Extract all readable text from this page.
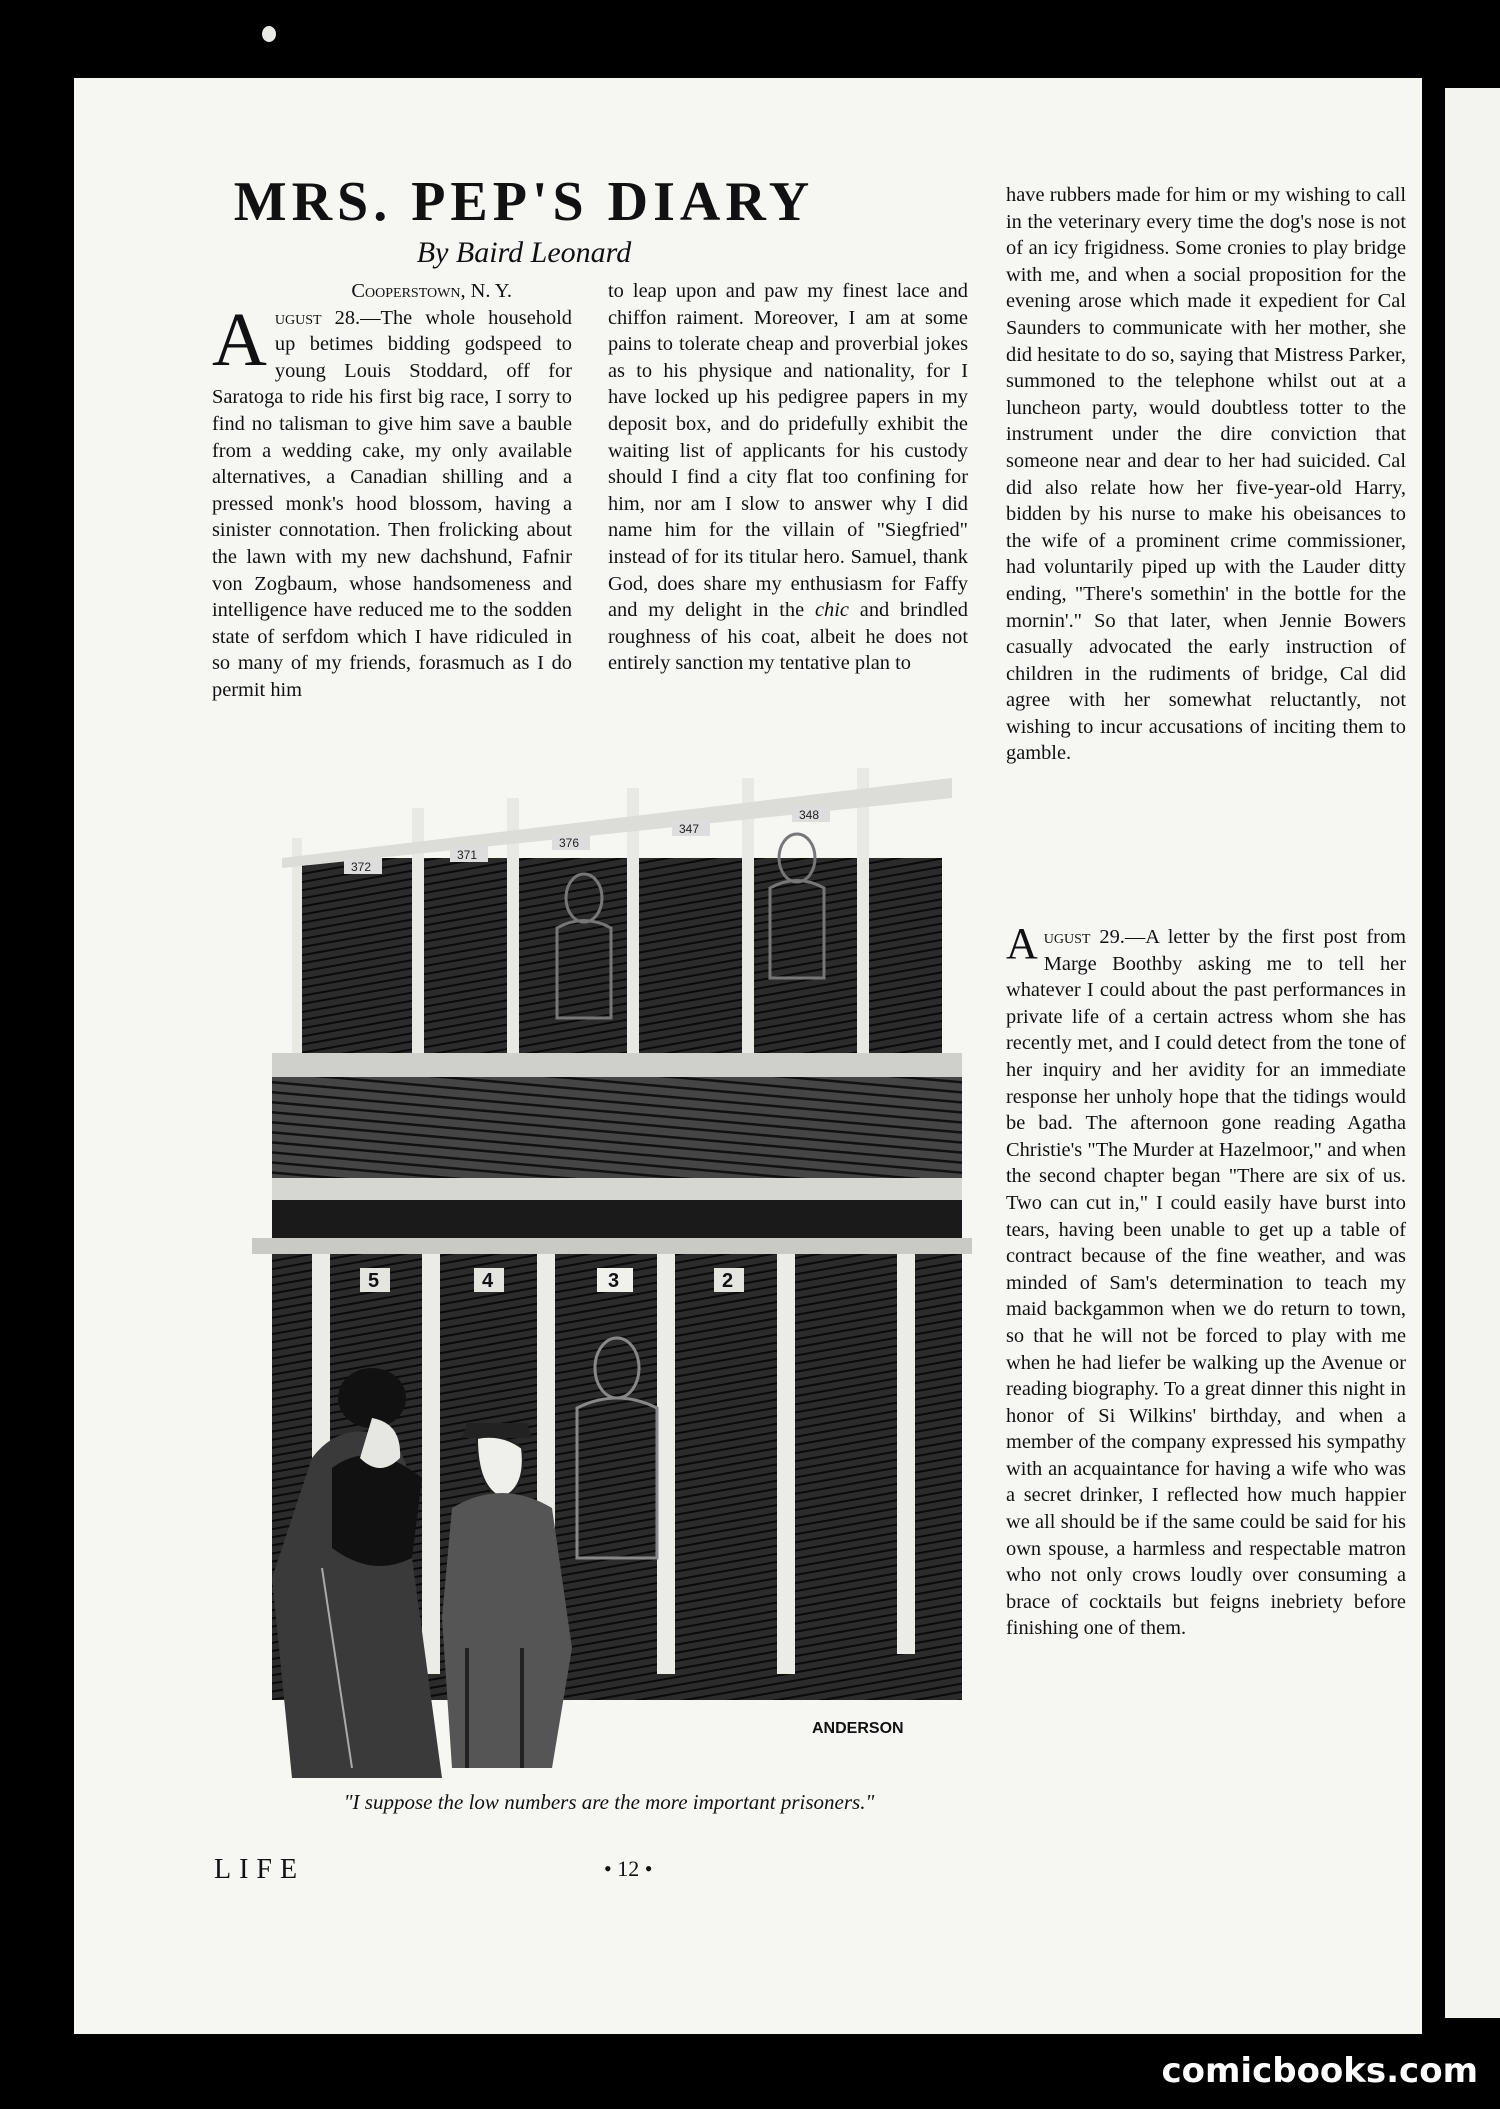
MRS. PEP'S DIARY
By Baird Leonard

Cooperstown, N. Y.

August 28.—The whole household up betimes bidding godspeed to young Louis Stoddard, off for Saratoga to ride his first big race, I sorry to find no talisman to give him save a bauble from a wedding cake, my only available alternatives, a Canadian shilling and a pressed monk's hood blossom, having a sinister connotation. Then frolicking about the lawn with my new dachshund, Fafnir von Zogbaum, whose handsomeness and intelligence have reduced me to the sodden state of serfdom which I have ridiculed in so many of my friends, forasmuch as I do permit him

to leap upon and paw my finest lace and chiffon raiment. Moreover, I am at some pains to tolerate cheap and proverbial jokes as to his physique and nationality, for I have locked up his pedigree papers in my deposit box, and do pridefully exhibit the waiting list of applicants for his custody should I find a city flat too confining for him, nor am I slow to answer why I did name him for the villain of "Siegfried" instead of for its titular hero. Samuel, thank God, does share my enthusiasm for Faffy and my delight in the chic and brindled roughness of his coat, albeit he does not entirely sanction my tentative plan to

have rubbers made for him or my wishing to call in the veterinary every time the dog's nose is not of an icy frigidness. Some cronies to play bridge with me, and when a social proposition for the evening arose which made it expedient for Cal Saunders to communicate with her mother, she did hesitate to do so, saying that Mistress Parker, summoned to the telephone whilst out at a luncheon party, would doubtless totter to the instrument under the dire conviction that someone near and dear to her had suicided. Cal did also relate how her five-year-old Harry, bidden by his nurse to make his obeisances to the wife of a prominent crime commissioner, had voluntarily piped up with the Lauder ditty ending, "There's somethin' in the bottle for the mornin'." So that later, when Jennie Bowers casually advocated the early instruction of children in the rudiments of bridge, Cal did agree with her somewhat reluctantly, not wishing to incur accusations of inciting them to gamble.

August 29.—A letter by the first post from Marge Boothby asking me to tell her whatever I could about the past performances in private life of a certain actress whom she has recently met, and I could detect from the tone of her inquiry and her avidity for an immediate response her unholy hope that the tidings would be bad. The afternoon gone reading Agatha Christie's "The Murder at Hazelmoor," and when the second chapter began "There are six of us. Two can cut in," I could easily have burst into tears, having been unable to get up a table of contract because of the fine weather, and was minded of Sam's determination to teach my maid backgammon when we do return to town, so that he will not be forced to play with me when he had liefer be walking up the Avenue or reading biography. To a great dinner this night in honor of Si Wilkins' birthday, and when a member of the company expressed his sympathy with an acquaintance for having a wife who was a secret drinker, I reflected how much happier we all should be if the same could be said for his own spouse, a harmless and respectable matron who not only crows loudly over consuming a brace of cocktails but feigns inebriety before finishing one of them.

372
371
376
347
348
5	4	3	2
ANDERSON
"I suppose the low numbers are the more important prisoners."
LIFE	• 12 •
comicbooks.com
